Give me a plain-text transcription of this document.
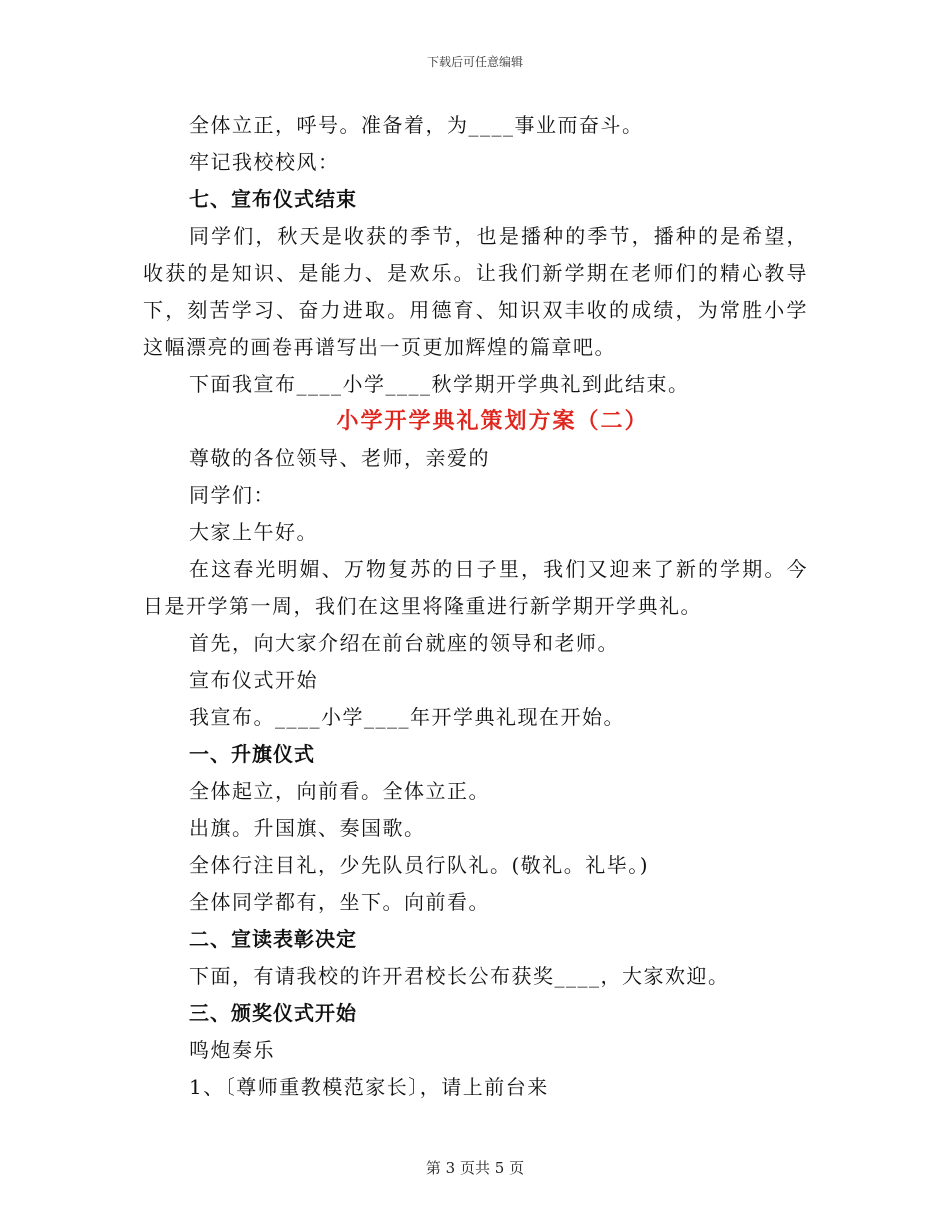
下载后可任意编辑
全体立正，呼号。准备着，为____事业而奋斗。
牢记我校校风：
七、宣布仪式结束
同学们，秋天是收获的季节，也是播种的季节，播种的是希望，
收获的是知识、是能力、是欢乐。让我们新学期在老师们的精心教导
下，刻苦学习、奋力进取。用德育、知识双丰收的成绩，为常胜小学
这幅漂亮的画卷再谱写出一页更加辉煌的篇章吧。
下面我宣布____小学____秋学期开学典礼到此结束。
小学开学典礼策划方案（二）
尊敬的各位领导、老师，亲爱的
同学们：
大家上午好。
在这春光明媚、万物复苏的日子里，我们又迎来了新的学期。今
日是开学第一周，我们在这里将隆重进行新学期开学典礼。
首先，向大家介绍在前台就座的领导和老师。
宣布仪式开始
我宣布。____小学____年开学典礼现在开始。
一、升旗仪式
全体起立，向前看。全体立正。
出旗。升国旗、奏国歌。
全体行注目礼，少先队员行队礼。(敬礼。礼毕。)
全体同学都有，坐下。向前看。
二、宣读表彰决定
下面，有请我校的许开君校长公布获奖____，大家欢迎。
三、颁奖仪式开始
鸣炮奏乐
1、〔尊师重教模范家长〕，请上前台来
第 3 页共 5 页
